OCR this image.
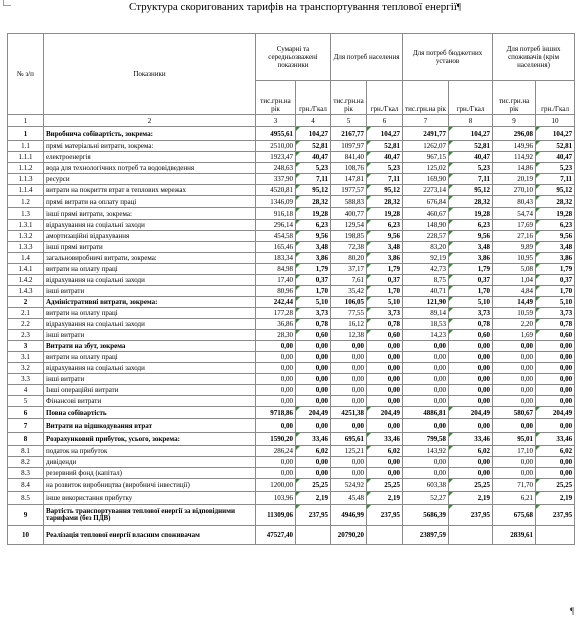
Структура скоригованих тарифів на транспортування теплової енергії¶
№ з/п	Показники	Сумарні та середньозважені показники		Для потреб населення		Для потреб бюджетних установ		Для потреб інших споживачів (крім населення)	
		тис.грн.на рік	грн./Гкал	тис.грн.на рік	грн./Гкал	тис.грн.на рік	грн./Гкал	тис.грн.на рік	грн./Гкал
1	2	3	4	5	6	7	8	9	10
1	Виробнича собівартість, зокрема:	4955,61	104,27	2167,77	104,27	2491,77	104,27	296,08	104,27
1.1	прямі матеріальні витрати, зокрема:	2510,00	52,81	1097,97	52,81	1262,07	52,81	149,96	52,81
1.1.1	електроенергія	1923,47	40,47	841,40	40,47	967,15	40,47	114,92	40,47
1.1.2	вода для технологічних потреб та водовідведення	248,63	5,23	108,76	5,23	125,02	5,23	14,86	5,23
1.1.3	ресурси	337,90	7,11	147,81	7,11	169,90	7,11	20,19	7,11
1.1.4	витрати на покриття втрат в теплових мережах	4520,81	95,12	1977,57	95,12	2273,14	95,12	270,10	95,12
1.2	прямі витрати на оплату праці	1346,09	28,32	588,83	28,32	676,84	28,32	80,43	28,32
1.3	інші прямі витрати, зокрема:	916,18	19,28	400,77	19,28	460,67	19,28	54,74	19,28
1.3.1	відрахування на соціальні заходи	296,14	6,23	129,54	6,23	148,90	6,23	17,69	6,23
1.3.2	амортизаційні відрахування	454,58	9,56	198,85	9,56	228,57	9,56	27,16	9,56
1.3.3	інші прямі витрати	165,46	3,48	72,38	3,48	83,20	3,48	9,89	3,48
1.4	загальновиробничі витрати, зокрема:	183,34	3,86	80,20	3,86	92,19	3,86	10,95	3,86
1.4.1	витрати на оплату праці	84,98	1,79	37,17	1,79	42,73	1,79	5,08	1,79
1.4.2	відрахування на соціальні заходи	17,40	0,37	7,61	0,37	8,75	0,37	1,04	0,37
1.4.3	інші витрати	80,96	1,70	35,42	1,70	40,71	1,70	4,84	1,70
2	Адміністративні витрати, зокрема:	242,44	5,10	106,05	5,10	121,90	5,10	14,49	5,10
2.1	витрати на оплату праці	177,28	3,73	77,55	3,73	89,14	3,73	10,59	3,73
2.2	відрахування на соціальні заходи	36,86	0,78	16,12	0,78	18,53	0,78	2,20	0,78
2.3	інші витрати	28,30	0,60	12,38	0,60	14,23	0,60	1,69	0,60
3	Витрати на збут, зокрема	0,00	0,00	0,00	0,00	0,00	0,00	0,00	0,00
3.1	витрати на оплату праці	0,00	0,00	0,00	0,00	0,00	0,00	0,00	0,00
3.2	відрахування на соціальні заходи	0,00	0,00	0,00	0,00	0,00	0,00	0,00	0,00
3.3	інші витрати	0,00	0,00	0,00	0,00	0,00	0,00	0,00	0,00
4	Інші операційні витрати	0,00	0,00	0,00	0,00	0,00	0,00	0,00	0,00
5	Фінансові витрати	0,00	0,00	0,00	0,00	0,00	0,00	0,00	0,00
6	Повна собівартість	9718,86	204,49	4251,38	204,49	4886,81	204,49	580,67	204,49
7	Витрати на відшкодування втрат	0,00	0,00	0,00	0,00	0,00	0,00	0,00	0,00
8	Розрахунковий прибуток, усього, зокрема:	1590,20	33,46	695,61	33,46	799,58	33,46	95,01	33,46
8.1	податок на прибуток	286,24	6,02	125,21	6,02	143,92	6,02	17,10	6,02
8.2	дивіденди	0,00	0,00	0,00	0,00	0,00	0,00	0,00	0,00
8.3	резервний фонд (капітал)	0,00	0,00	0,00	0,00	0,00	0,00	0,00	0,00
8.4	на розвиток виробництва (виробничі інвестиції)	1200,00	25,25	524,92	25,25	603,38	25,25	71,70	25,25
8.5	інше використання прибутку	103,96	2,19	45,48	2,19	52,27	2,19	6,21	2,19
9	Вартість транспортування теплової енергії за відповідними тарифами (без ПДВ)	11309,06	237,95	4946,99	237,95	5686,39	237,95	675,68	237,95
10	Реалізація теплової енергії власним споживачам	47527,40		20790,20		23897,59		2839,61	
¶
